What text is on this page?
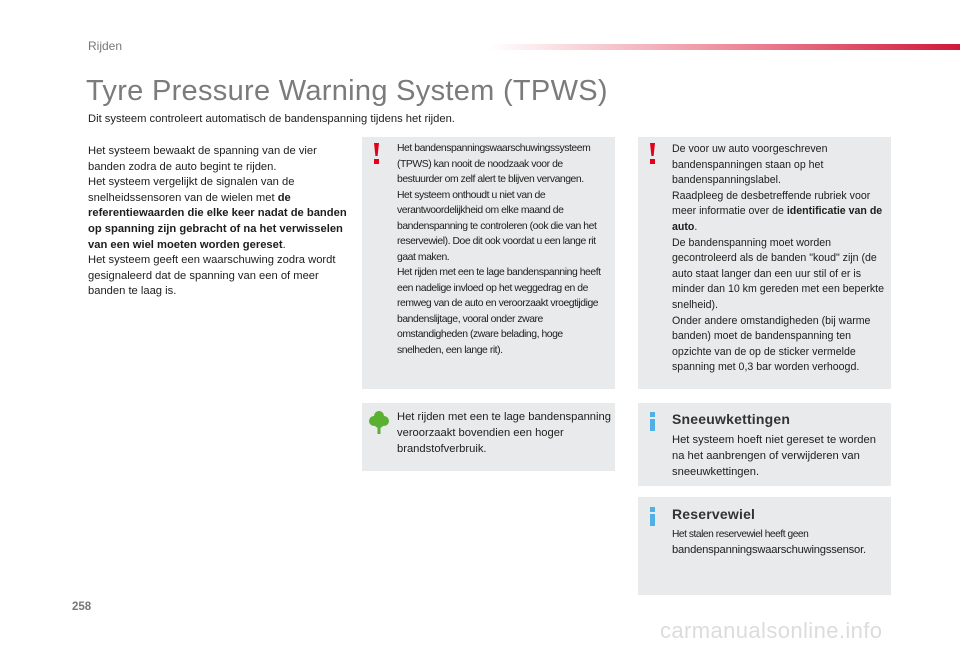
Rijden
Tyre Pressure Warning System (TPWS)
Dit systeem controleert automatisch de bandenspanning tijdens het rijden.

Het systeem bewaakt de spanning van de vier banden zodra de auto begint te rijden.

Het systeem vergelijkt de signalen van de snelheidssensoren van de wielen met de referentiewaarden die elke keer nadat de banden op spanning zijn gebracht of na het verwisselen van een wiel moeten worden gereset.

Het systeem geeft een waarschuwing zodra wordt gesignaleerd dat de spanning van een of meer banden te laag is.

Het bandenspanningswaarschuwingssysteem (TPWS) kan nooit de noodzaak voor de bestuurder om zelf alert te blijven vervangen.
Het systeem onthoudt u niet van de verantwoordelijkheid om elke maand de bandenspanning te controleren (ook die van het reservewiel). Doe dit ook voordat u een lange rit gaat maken.
Het rijden met een te lage bandenspanning heeft een nadelige invloed op het weggedrag en de remweg van de auto en veroorzaakt vroegtijdige bandenslijtage, vooral onder zware omstandigheden (zware belading, hoge snelheden, een lange rit).
De voor uw auto voorgeschreven bandenspanningen staan op het bandenspanningslabel.
Raadpleeg de desbetreffende rubriek voor meer informatie over de identificatie van de auto.
De bandenspanning moet worden gecontroleerd als de banden "koud" zijn (de auto staat langer dan een uur stil of er is minder dan 10 km gereden met een beperkte snelheid).
Onder andere omstandigheden (bij warme banden) moet de bandenspanning ten opzichte van de op de sticker vermelde spanning met 0,3 bar worden verhoogd.
Het rijden met een te lage bandenspanning veroorzaakt bovendien een hoger brandstofverbruik.
Sneeuwkettingen
Het systeem hoeft niet gereset te worden na het aanbrengen of verwijderen van sneeuwkettingen.
Reservewiel
Het stalen reservewiel heeft geen
bandenspanningswaarschuwingssensor.
258
carmanualsonline.info
